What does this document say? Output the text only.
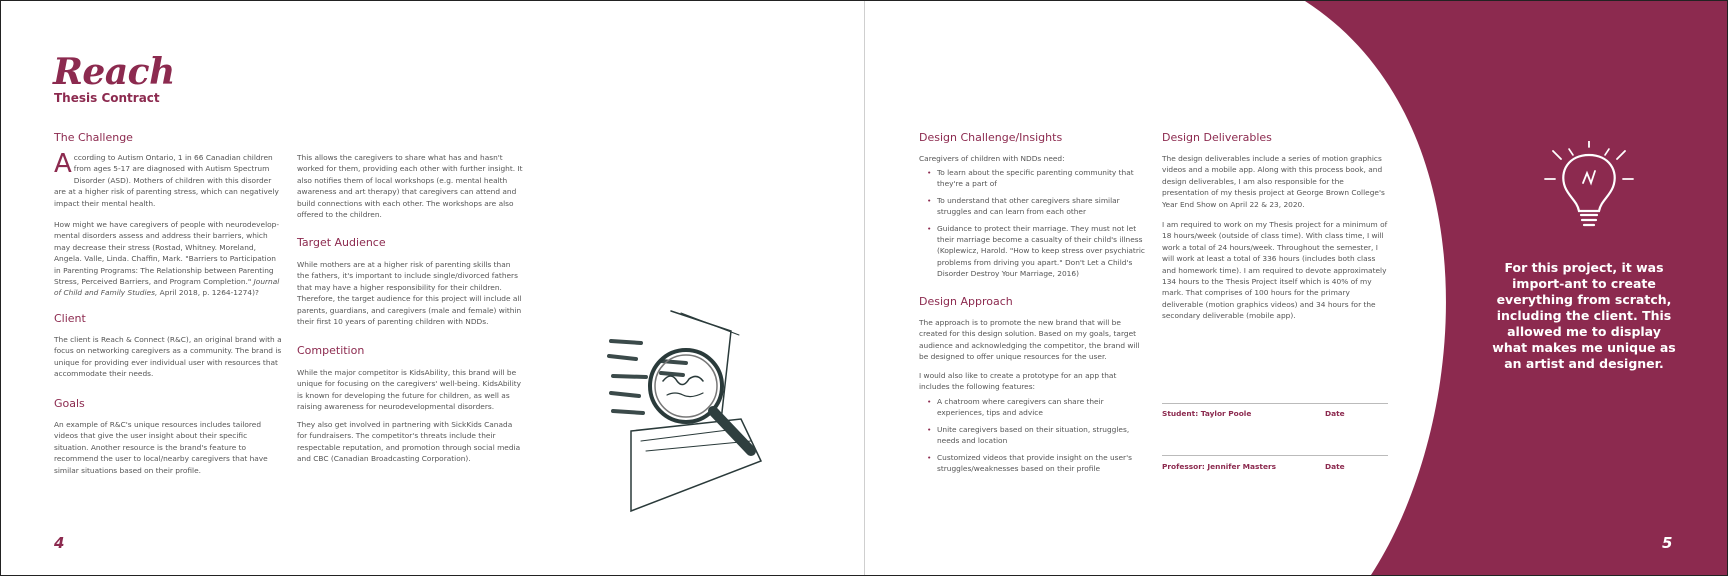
Reach
Thesis Contract
The Challenge
According to Autism Ontario, 1 in 66 Canadian children from ages 5-17 are diagnosed with Autism Spectrum Disorder (ASD). Mothers of children with this disorder are at a higher risk of parenting stress, which can negatively impact their mental health.
How might we have caregivers of people with neurodevelop-mental disorders assess and address their barriers, which may decrease their stress (Rostad, Whitney. Moreland, Angela. Valle, Linda. Chaffin, Mark. "Barriers to Participation in Parenting Programs: The Relationship between Parenting Stress, Perceived Barriers, and Program Completion." Journal of Child and Family Studies, April 2018, p. 1264-1274)?
Client
The client is Reach & Connect (R&C), an original brand with a focus on networking caregivers as a community. The brand is unique for providing ever individual user with resources that accommodate their needs.
Goals
An example of R&C's unique resources includes tailored videos that give the user insight about their specific situation. Another resource is the brand's feature to recommend the user to local/nearby caregivers that have similar situations based on their profile.
This allows the caregivers to share what has and hasn't worked for them, providing each other with further insight. It also notifies them of local workshops (e.g. mental health awareness and art therapy) that caregivers can attend and build connections with each other. The workshops are also offered to the children.
Target Audience
While mothers are at a higher risk of parenting skills than the fathers, it's important to include single/divorced fathers that may have a higher responsibility for their children. Therefore, the target audience for this project will include all parents, guardians, and caregivers (male and female) within their first 10 years of parenting children with NDDs.
Competition
While the major competitor is KidsAbility, this brand will be unique for focusing on the caregivers' well-being. KidsAbility is known for developing the future for children, as well as raising awareness for neurodevelopmental disorders.
They also get involved in partnering with SickKids Canada for fundraisers. The competitor's threats include their respectable reputation, and promotion through social media and CBC (Canadian Broadcasting Corporation).
4
Design Challenge/Insights
Caregivers of children with NDDs need:
• To learn about the specific parenting community that they're a part of
• To understand that other caregivers share similar struggles and can learn from each other
• Guidance to protect their marriage. They must not let their marriage become a casualty of their child's illness (Koplewicz, Harold. "How to keep stress over psychiatric problems from driving you apart." Don't Let a Child's Disorder Destroy Your Marriage, 2016)
Design Approach
The approach is to promote the new brand that will be created for this design solution. Based on my goals, target audience and acknowledging the competitor, the brand will be designed to offer unique resources for the user.
I would also like to create a prototype for an app that includes the following features:
• A chatroom where caregivers can share their experiences, tips and advice
• Unite caregivers based on their situation, struggles, needs and location
• Customized videos that provide insight on the user's struggles/weaknesses based on their profile
Design Deliverables
The design deliverables include a series of motion graphics videos and a mobile app. Along with this process book, and design deliverables, I am also responsible for the presentation of my thesis project at George Brown College's Year End Show on April 22 & 23, 2020.
I am required to work on my Thesis project for a minimum of 18 hours/week (outside of class time). With class time, I will work a total of 24 hours/week. Throughout the semester, I will work at least a total of 336 hours (includes both class and homework time). I am required to devote approximately 134 hours to the Thesis Project itself which is 40% of my mark. That comprises of 100 hours for the primary deliverable (motion graphics videos) and 34 hours for the secondary deliverable (mobile app).
Student: Taylor Poole	Date
Professor: Jennifer Masters	Date
For this project, it was import-ant to create everything from scratch, including the client. This allowed me to display what makes me unique as an artist and designer.
5
